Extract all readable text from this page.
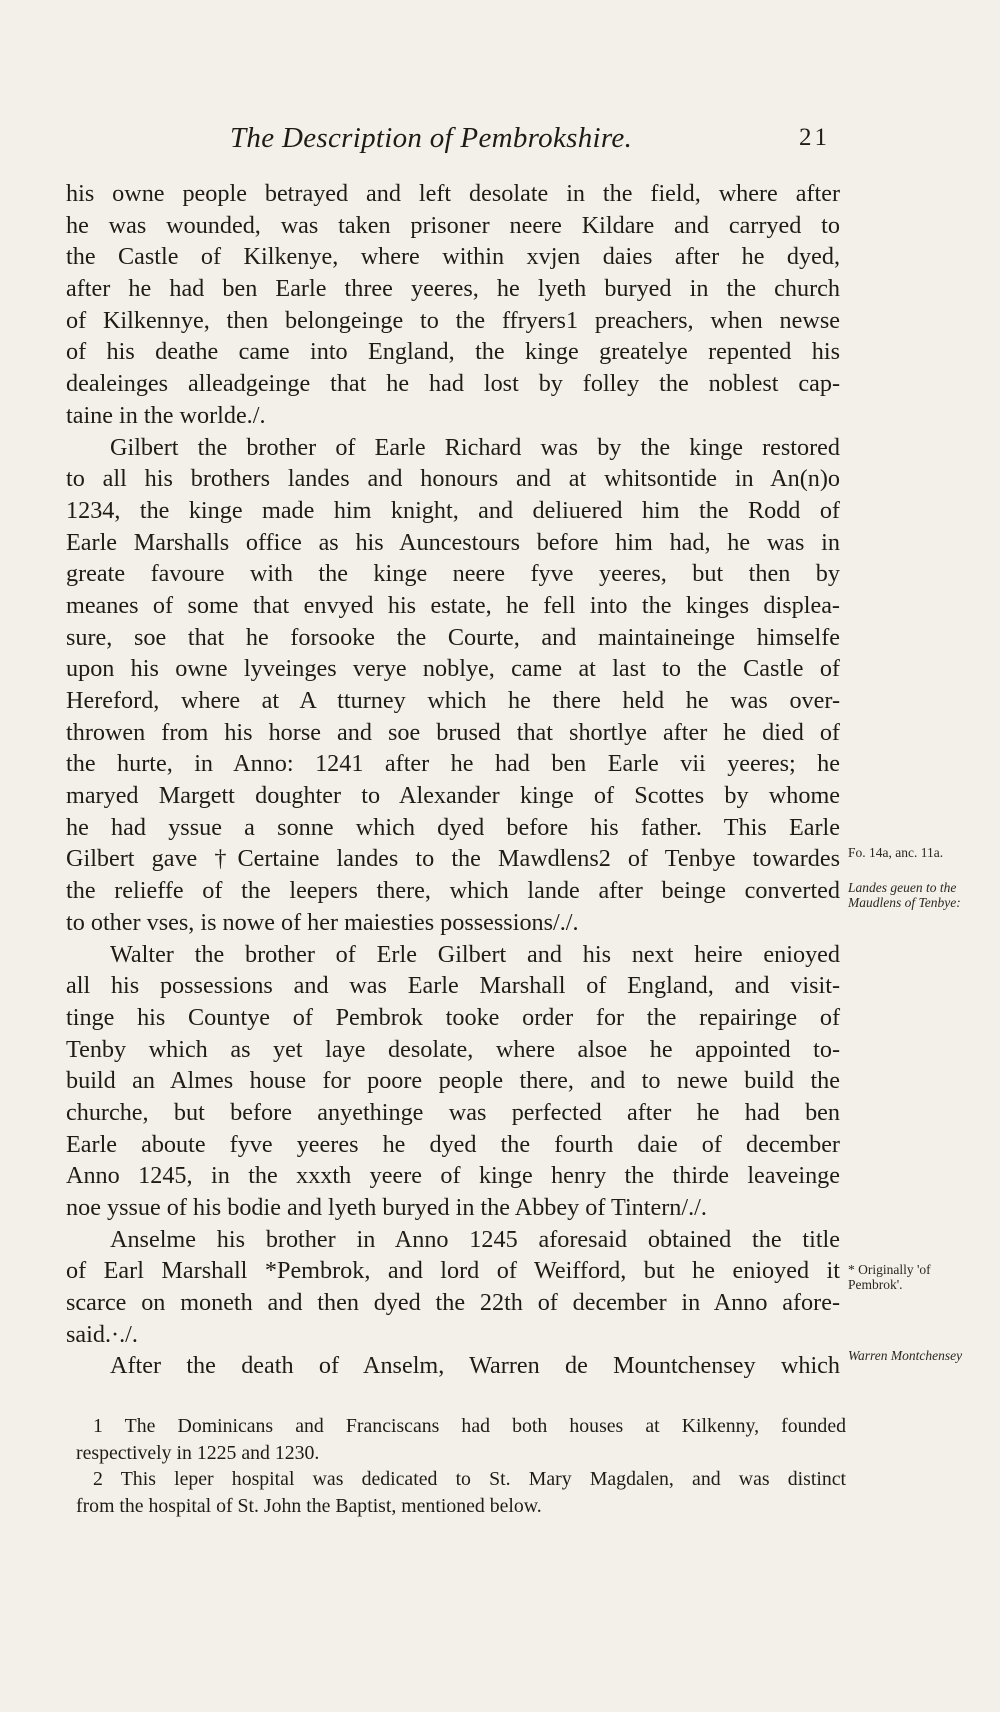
The Description of Pembrokshire.	21
his owne people betrayed and left desolate in the field, where after
he was wounded, was taken prisoner neere Kildare and carryed to
the Castle of Kilkenye, where within xvjen daies after he dyed,
after he had ben Earle three yeeres, he lyeth buryed in the church
of Kilkennye, then belongeinge to the ffryers1 preachers, when newse
of his deathe came into England, the kinge greatelye repented his
dealeinges alleadgeinge that he had lost by folley the noblest cap-
taine in the worlde./.
Gilbert the brother of Earle Richard was by the kinge restored
to all his brothers landes and honours and at whitsontide in An(n)o
1234, the kinge made him knight, and deliuered him the Rodd of
Earle Marshalls office as his Auncestours before him had, he was in
greate favoure with the kinge neere fyve yeeres, but then by
meanes of some that envyed his estate, he fell into the kinges displea-
sure, soe that he forsooke the Courte, and maintaineinge himselfe
upon his owne lyveinges verye noblye, came at last to the Castle of
Hereford, where at A tturney which he there held he was over-
throwen from his horse and soe brused that shortlye after he died of
the hurte, in Anno: 1241 after he had ben Earle vii yeeres; he
maryed Margett doughter to Alexander kinge of Scottes by whome
he had yssue a sonne which dyed before his father. This Earle
Gilbert gave †Certaine landes to the Mawdlens2 of Tenbye towardes
the relieffe of the leepers there, which lande after beinge converted
to other vses, is nowe of her maiesties possessions/./.
Walter the brother of Erle Gilbert and his next heire enioyed
all his possessions and was Earle Marshall of England, and visit-
tinge his Countye of Pembrok tooke order for the repairinge of
Tenby which as yet laye desolate, where alsoe he appointed to-
build an Almes house for poore people there, and to newe build the
churche, but before anyethinge was perfected after he had ben
Earle aboute fyve yeeres he dyed the fourth daie of december
Anno 1245, in the xxxth yeere of kinge henry the thirde leaveinge
noe yssue of his bodie and lyeth buryed in the Abbey of Tintern/./.
Anselme his brother in Anno 1245 aforesaid obtained the title
of Earl Marshall *Pembrok, and lord of Weifford, but he enioyed it
scarce on moneth and then dyed the 22th of december in Anno afore-
said.·./.
After the death of Anselm, Warren de Mountchensey which
Fo. 14a, anc. 11a.
Landes geuen to the Maudlens of Tenbye:
* Originally 'of Pembrok'.
Warren Montchensey
1 The Dominicans and Franciscans had both houses at Kilkenny, founded
respectively in 1225 and 1230.
2 This leper hospital was dedicated to St. Mary Magdalen, and was distinct
from the hospital of St. John the Baptist, mentioned below.
